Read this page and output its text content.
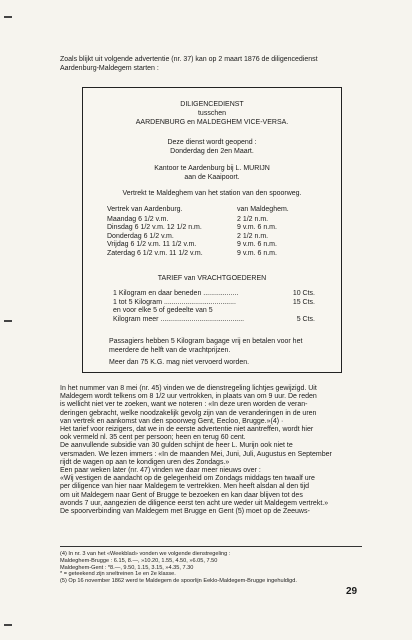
Zoals blijkt uit volgende advertentie (nr. 37) kan op 2 maart 1876 de diligencedienst
Aardenburg-Maldegem starten :
DILIGENCEDIENST
tusschen
AARDENBURG en MALDEGHEM VICE-VERSA.
Deze dienst wordt geopend :
Donderdag den 2en Maart.
Kantoor te Aardenburg bij L. MURIJN
aan de Kaaipoort.
Vertrekt te Maldeghem van het station van den spoorweg.
Vertrek van Aardenburg.	van Maldeghem.
Maandag 6 1/2 v.m.	2 1/2 n.m.
Dinsdag 6 1/2 v.m. 12 1/2 n.m.	9 v.m. 6 n.m.
Donderdag 6 1/2 v.m.	2 1/2 n.m.
Vrijdag 6 1/2 v.m. 11 1/2 v.m.	9 v.m. 6 n.m.
Zaterdag 6 1/2 v.m. 11 1/2 v.m.	9 v.m. 6 n.m.
TARIEF van VRACHTGOEDEREN
1 Kilogram en daar beneden ..................	10 Cts.
1 tot 5 Kilogram .....................................	15 Cts.
en voor elke 5 of gedeelte van 5
Kilogram meer ...........................................	5 Cts.
Passagiers hebben 5 Kilogram bagage vrij en betalen voor het meerdere de helft van de vrachtprijzen.
Meer dan 75 K.G. mag niet vervoerd worden.
In het nummer van 8 mei (nr. 45) vinden we de dienstregeling lichtjes gewijzigd. Uit
Maldegem wordt telkens om 8 1/2 uur vertrokken, in plaats van om 9 uur. De reden
is wellicht niet ver te zoeken, want we noteren : «In deze uren worden de veran-
deringen gebracht, welke noodzakelijk gevolg zijn van de veranderingen in de uren
van vertrek en aankomst van den spoorweg Gent, Eecloo, Brugge.»(4) ·
Het tarief voor reizigers, dat we in de eerste advertentie niet aantreffen, wordt hier
ook vermeld nl. 35 cent per persoon; heen en terug 60 cent.
De aanvullende subsidie van 30 gulden schijnt de heer L. Murijn ook niet te
versmaden. We lezen immers : «In de maanden Mei, Juni, Juli, Augustus en September
rijdt de wagen op aan te kondigen uren des Zondags.»
Een paar weken later (nr. 47) vinden we daar meer nieuws over :
«Wij vestigen de aandacht op de gelegenheid om Zondags middags ten twaalf ure
per diligence van hier naar Maldegem te vertrekken. Men heeft alsdan al den tijd
om uit Maldegem naar Gent of Brugge te bezoeken en kan daar blijven tot des
avonds 7 uur, aangezien de diligence eerst ten acht ure weder uit Maldegem vertrekt.»
De spoorverbinding van Maldegem met Brugge en Gent (5) moet op de Zeeuws-
(4) In nr. 3 van het «Weekblad» vonden we volgende dienstregeling :
Maldeghem-Brugge : 6.15, 8.—, »10.20, 1.55, 4.50, »6.05, 7.50
Maldeghem-Gent : *8.—, 9.50, 1.15, 3.15, »4.35, 7.30
* = geteekend zijn sneltreinen 1e en 2e klasse.
(5) Op 16 november 1862 werd te Maldegem de spoorlijn Eeklo-Maldegem-Brugge ingehuldigd.
29
